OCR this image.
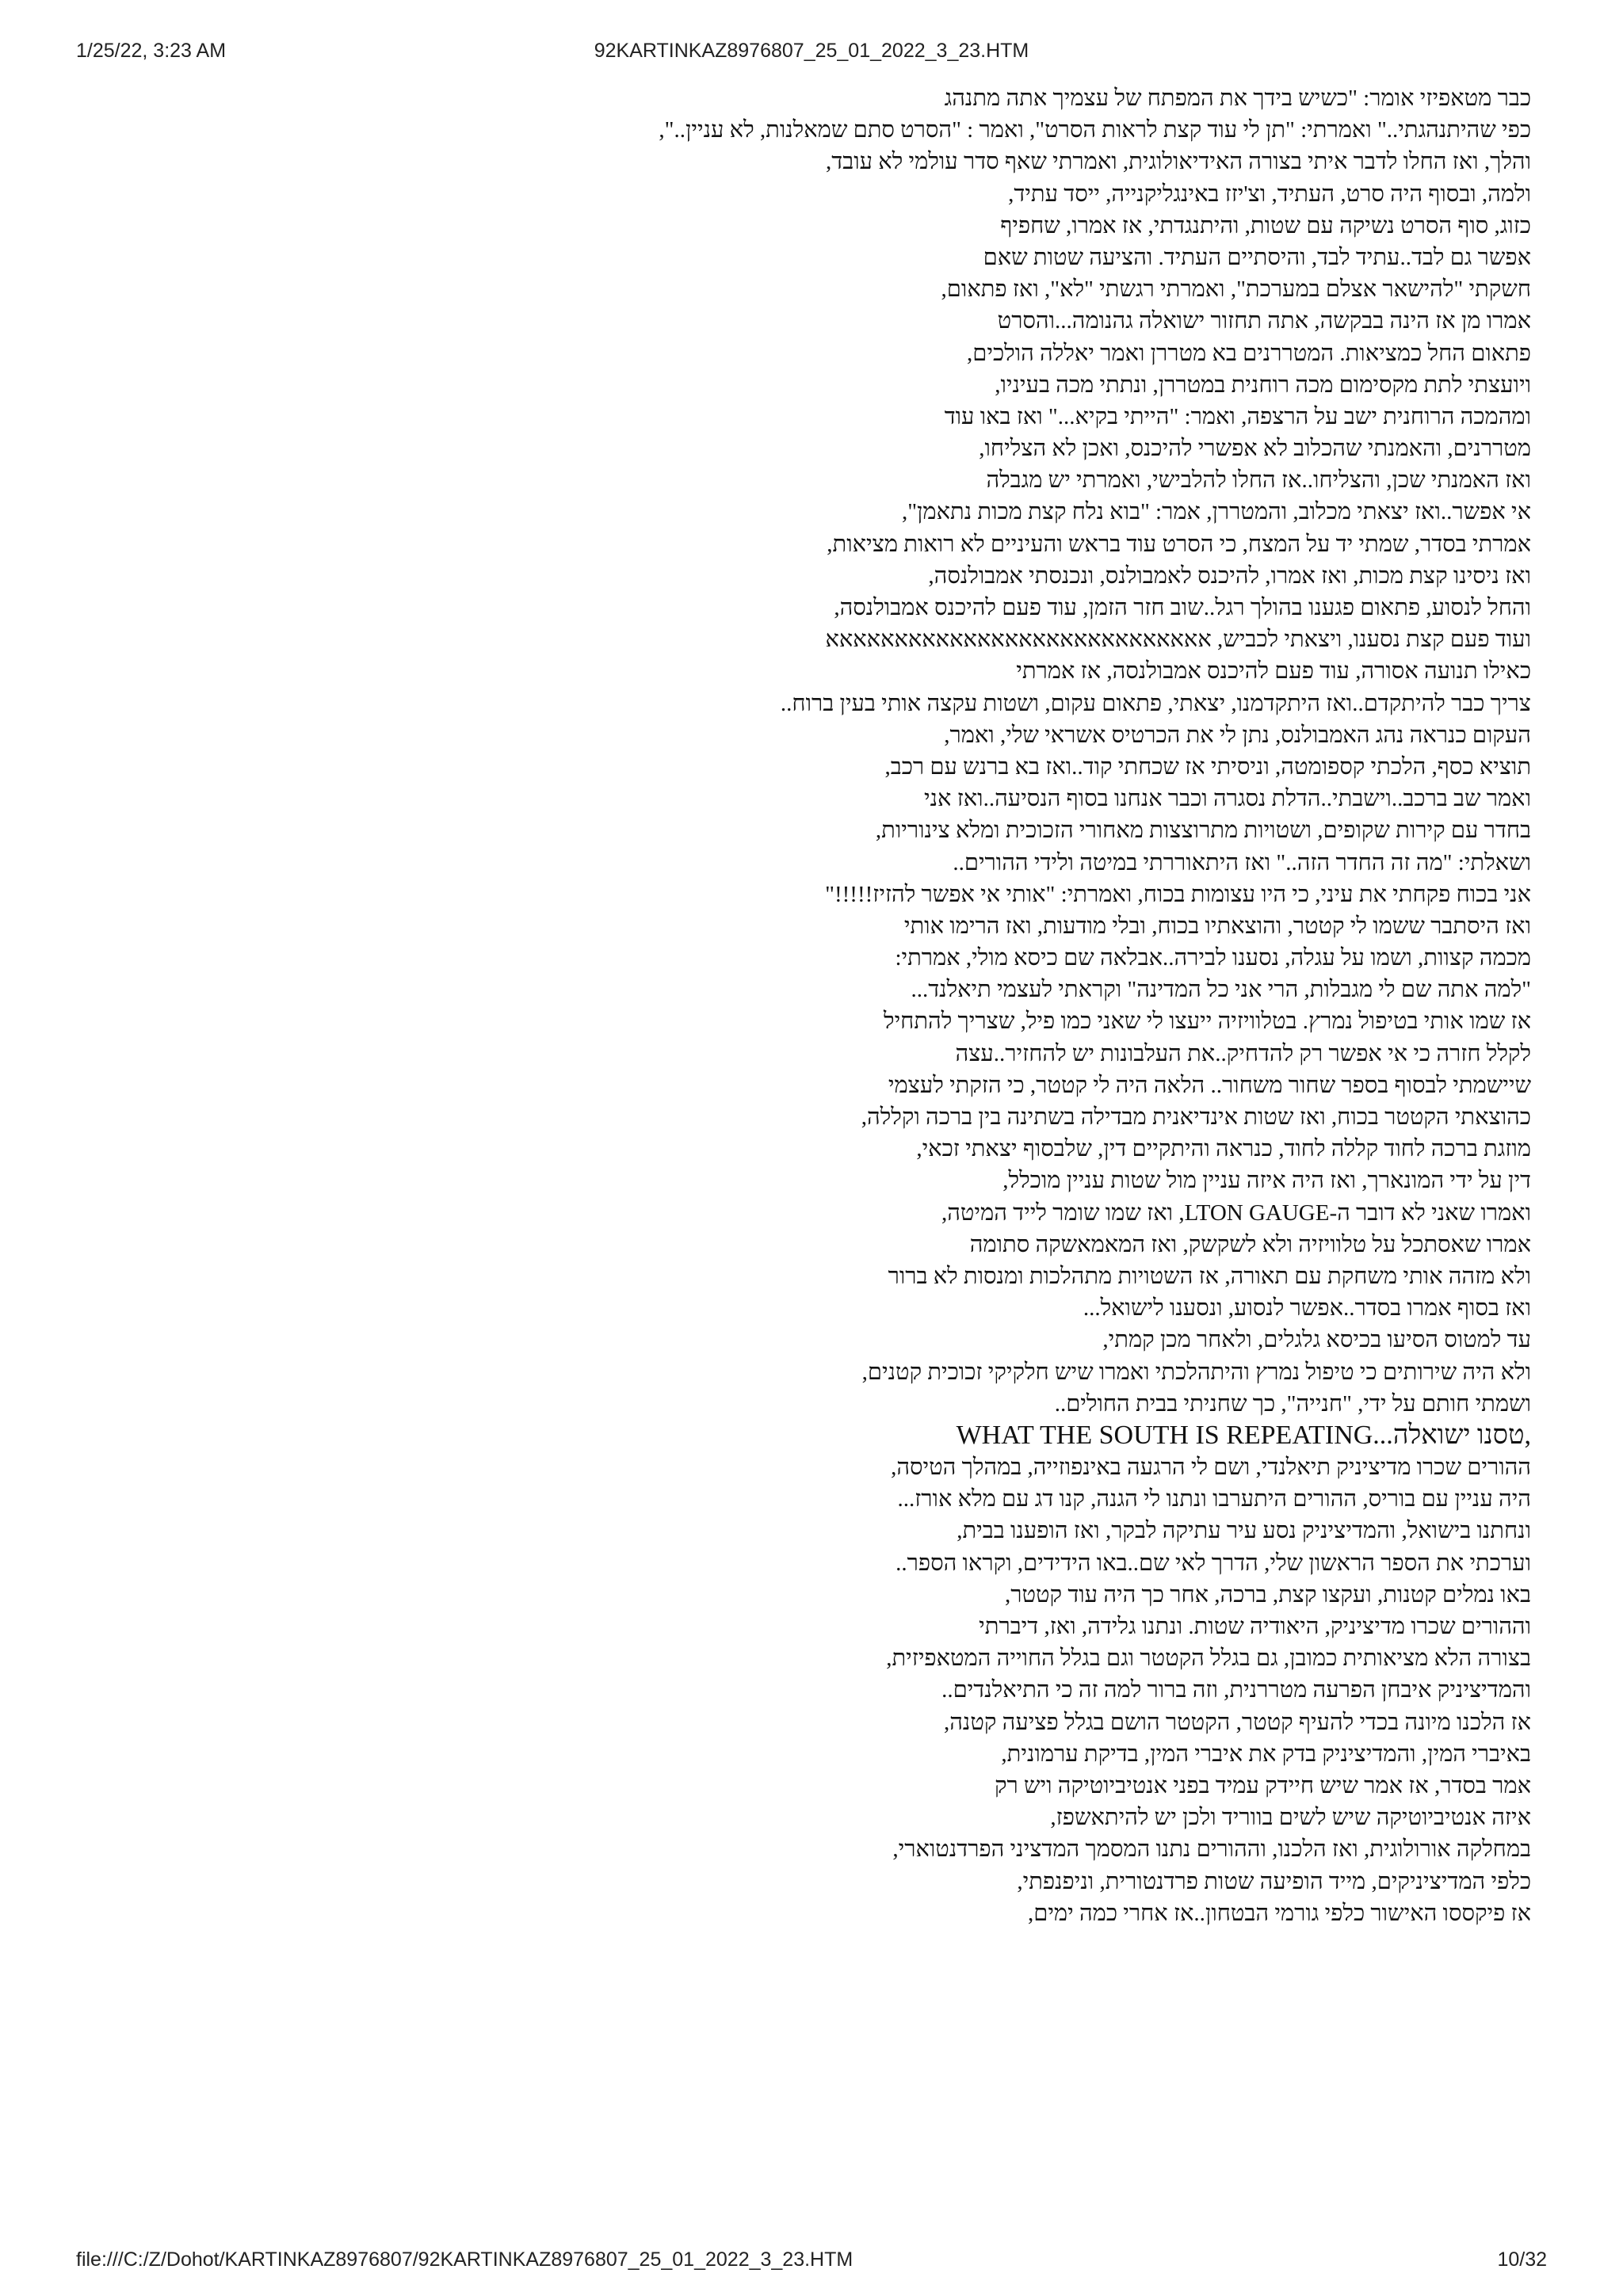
1/25/22, 3:23 AM	92KARTINKAZ8976807_25_01_2022_3_23.HTM
כבר מטאפיזי אומר: "כשיש בידך את המפתח של עצמיך אתה מתנהג
כפי שהיתנהגתי.." ואמרתי: "תן לי עוד קצת לראות הסרט", ואמר : "הסרט סתם שמאלנות, לא עניין..",
והלך, ואז החלו לדבר איתי בצורה האידיאולוגית, ואמרתי שאף סדר עולמי לא עובד,
ולמה, ובסוף היה סרט, העתיד, וצ'יזז באינגליקנייה, ייסד עתיד,
כזוג, סוף הסרט נשיקה עם שטות, והיתנגדתי, אז אמרו, שחפיף
אפשר גם לבד..עתיד לבד, והיסתיים העתיד. והציעה שטות שאם
חשקתי "להישאר אצלם במערכת", ואמרתי רגשתי "לא", ואז פתאום,
אמרו מן אז הינה בבקשה, אתה תחזור ישואלה גהנומה...והסרט
פתאום החל כמציאות. המטררנים בא מטררן ואמר יאללה הולכים,
ויועצתי לתת מקסימום מכה רוחנית במטררן, ונתתי מכה בעיניו,
ומהמכה הרוחנית ישב על הרצפה, ואמר: "הייתי בקיא..." ואז באו עוד
מטררנים, והאמנתי שהכלוב לא אפשרי להיכנס, ואכן לא הצליחו,
ואז האמנתי שכן, והצליחו..אז החלו להלבישי, ואמרתי יש מגבלה
אי אפשר..ואז יצאתי מכלוב, והמטררן, אמר: "בוא נלח קצת מכות נתאמן",
אמרתי בסדר, שמתי יד על המצח, כי הסרט עוד בראש והעיניים לא רואות מציאות,
ואז ניסינו קצת מכות, ואז אמרו, להיכנס לאמבולנס, ונכנסתי אמבולנסה,
והחל לנסוע, פתאום פגענו בהולך רגל..שוב חזר הזמן, עוד פעם להיכנס אמבולנסה,
ועוד פעם קצת נסענו, ויצאתי לכביש, אאאאאאאאאאאאאאאאאאאאאאאאאאאא
כאילו תנועה אסורה, עוד פעם להיכנס אמבולנסה, אז אמרתי
צריך כבר להיתקדם..ואז היתקדמנו, יצאתי, פתאום עקום, ושטות עקצה אותי בעין ברוח..
העקום כנראה נהג האמבולנס, נתן לי את הכרטיס אשראי שלי, ואמר,
תוציא כסף, הלכתי קספומטה, וניסיתי אז שכחתי קוד..ואז בא ברנש עם רכב,
ואמר שב ברכב..וישבתי..הדלת נסגרה וכבר אנחנו בסוף הנסיעה..ואז אני
בחדר עם קירות שקופים, ושטויות מתרוצצות מאחורי הזכוכית ומלא צינוריות,
ושאלתי: "מה זה החדר הזה.." ואז היתאוררתי במיטה ולידי ההורים..
אני בכוח פקחתי את עיני, כי היו עצומות בכוח, ואמרתי: "אותי אי אפשר להזיז!!!!!"
ואז היסתבר ששמו לי קטטר, והוצאתיו בכוח, ובלי מודעות, ואז הרימו אותי
מכמה קצוות, ושמו על עגלה, נסענו לבירה..אבלאה שם כיסא מולי, אמרתי:
"למה אתה שם לי מגבלות, הרי אני כל המדינה" וקראתי לעצמי תיאלנד...
אז שמו אותי בטיפול נמרץ. בטלוויזיה ייעצו לי שאני כמו פיל, שצריך להתחיל
לקלל חזרה כי אי אפשר רק להדחיק..את העלבונות יש להחזיר..עצה
שיישמתי לבסוף בספר שחור משחור.. הלאה היה לי קטטר, כי הזקתי לעצמי
כהוצאתי הקטטר בכוח, ואז שטות אינדיאנית מבדילה בשתינה בין ברכה וקללה,
מוזגת ברכה לחוד קללה לחוד, כנראה והיתקיים דין, שלבסוף יצאתי זכאי,
דין על ידי המונארך, ואז היה איזה עניין מול שטות עניין מוכלל,
ואמרו שאני לא דובר ה-LTON GAUGE, ואז שמו שומר לייד המיטה,
אמרו שאסתכל על טלוויזיה ולא לשקשק, ואז המאמאשקה סתומה
ולא מזהה אותי משחקת עם תאורה, אז השטויות מתהלכות ומנסות לא ברור
ואז בסוף אמרו בסדר..אפשר לנסוע, ונסענו לישואל...
עד למטוס הסיעו בכיסא גלגלים, ולאחר מכן קמתי,
ולא היה שירותים כי טיפול נמרץ והיתהלכתי ואמרו שיש חלקיקי זכוכית קטנים,
ושמתי חותם על ידי, "חנייה", כך שחניתי בבית החולים..
WHAT THE SOUTH IS REPEATING...טסנו ישואלה,
ההורים שכרו מדיציניק תיאלנדי, ושם לי הרגעה באינפוזייה, במהלך הטיסה,
היה עניין עם בוריס, ההורים היתערבו ונתנו לי הגנה, קנו דג עם מלא אורז...
ונחתנו בישואל, והמדיציניק נסע עיר עתיקה לבקר, ואז הופענו בבית,
וערכתי את הספר הראשון שלי, הדרך לאי שם..באו הידידים, וקראו הספר..
באו נמלים קטנות, ועקצו קצת, ברכה, אחר כך היה עוד קטטר,
וההורים שכרו מדיציניק, היאודיה שטות. ונתנו גלידה, ואז, דיברתי
בצורה הלא מציאותית כמובן, גם בגלל הקטטר וגם בגלל החוייה המטאפיזית,
והמדיציניק איבחן הפרעה מטררנית, וזה ברור למה זה כי התיאלנדים..
אז הלכנו מיונה בכדי להעיף קטטר, הקטטר הושם בגלל פציעה קטנה,
באיברי המין, והמדיציניק בדק את איברי המין, בדיקת ערמונית,
אמר בסדר, אז אמר שיש חיידק עמיד בפני אנטיביוטיקה ויש רק
איזה אנטיביוטיקה שיש לשים בווריד ולכן יש להיתאשפז,
במחלקה אורולוגית, ואז הלכנו, וההורים נתנו המסמך המדציני הפרדנטוארי,
כלפי המדיציניקים, מייד הופיעה שטות פרדנטורית, וניפנפתי,
אז פיקססו האישור כלפי גורמי הבטחון..אז אחרי כמה ימים,
file:///C:/Z/Dohot/KARTINKAZ8976807/92KARTINKAZ8976807_25_01_2022_3_23.HTM	10/32
